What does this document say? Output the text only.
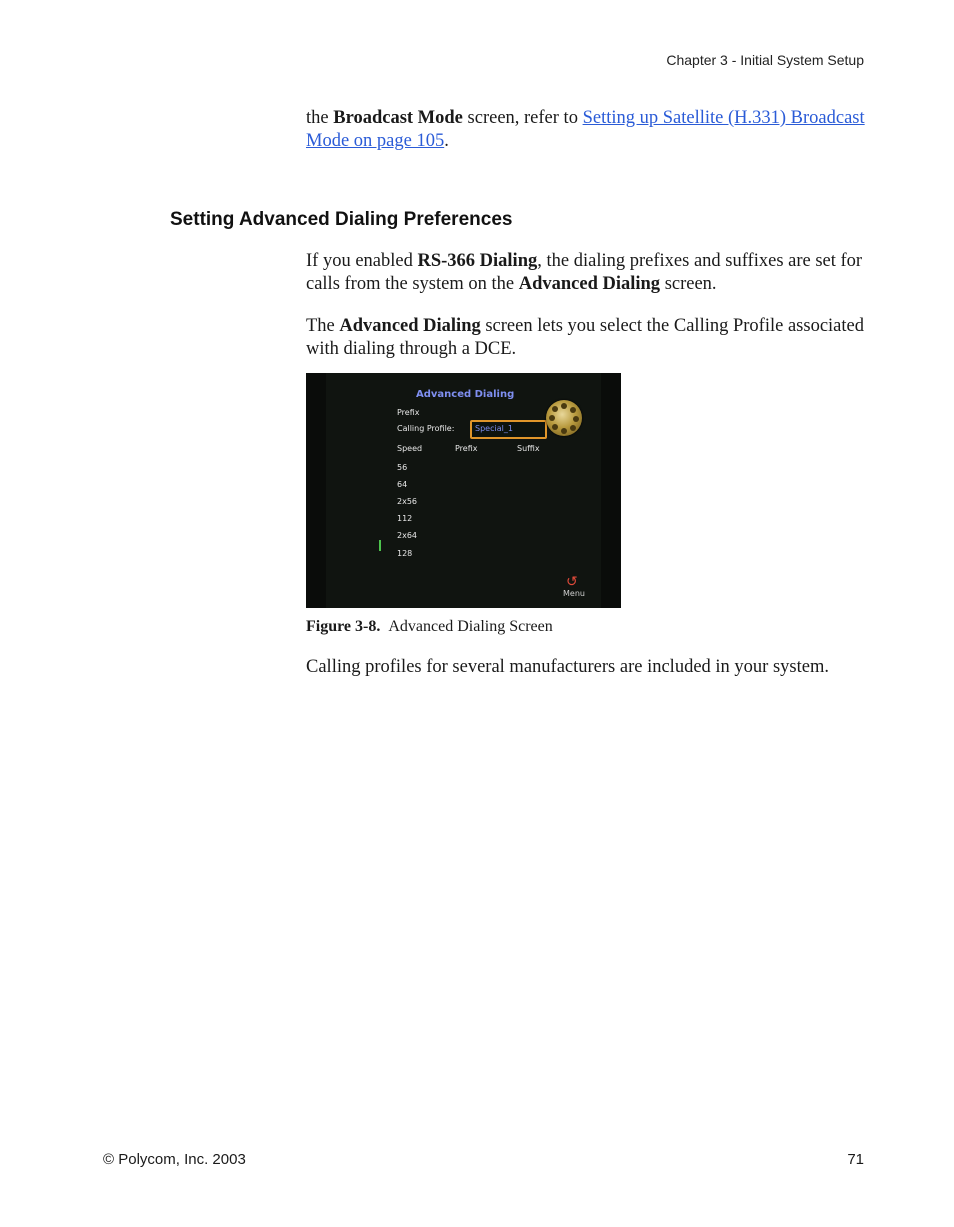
Chapter 3 - Initial System Setup

the Broadcast Mode screen, refer to Setting up Satellite (H.331) Broadcast Mode on page 105.

Setting Advanced Dialing Preferences

If you enabled RS-366 Dialing, the dialing prefixes and suffixes are set for calls from the system on the Advanced Dialing screen.

The Advanced Dialing screen lets you select the Calling Profile associated with dialing through a DCE.

Advanced Dialing
Prefix
Calling Profile:	Special_1
Speed	Prefix	Suffix
56
64
2x56
112
2x64
128
↺
Menu
Figure 3-8. Advanced Dialing Screen

Calling profiles for several manufacturers are included in your system.

© Polycom, Inc. 2003	71
